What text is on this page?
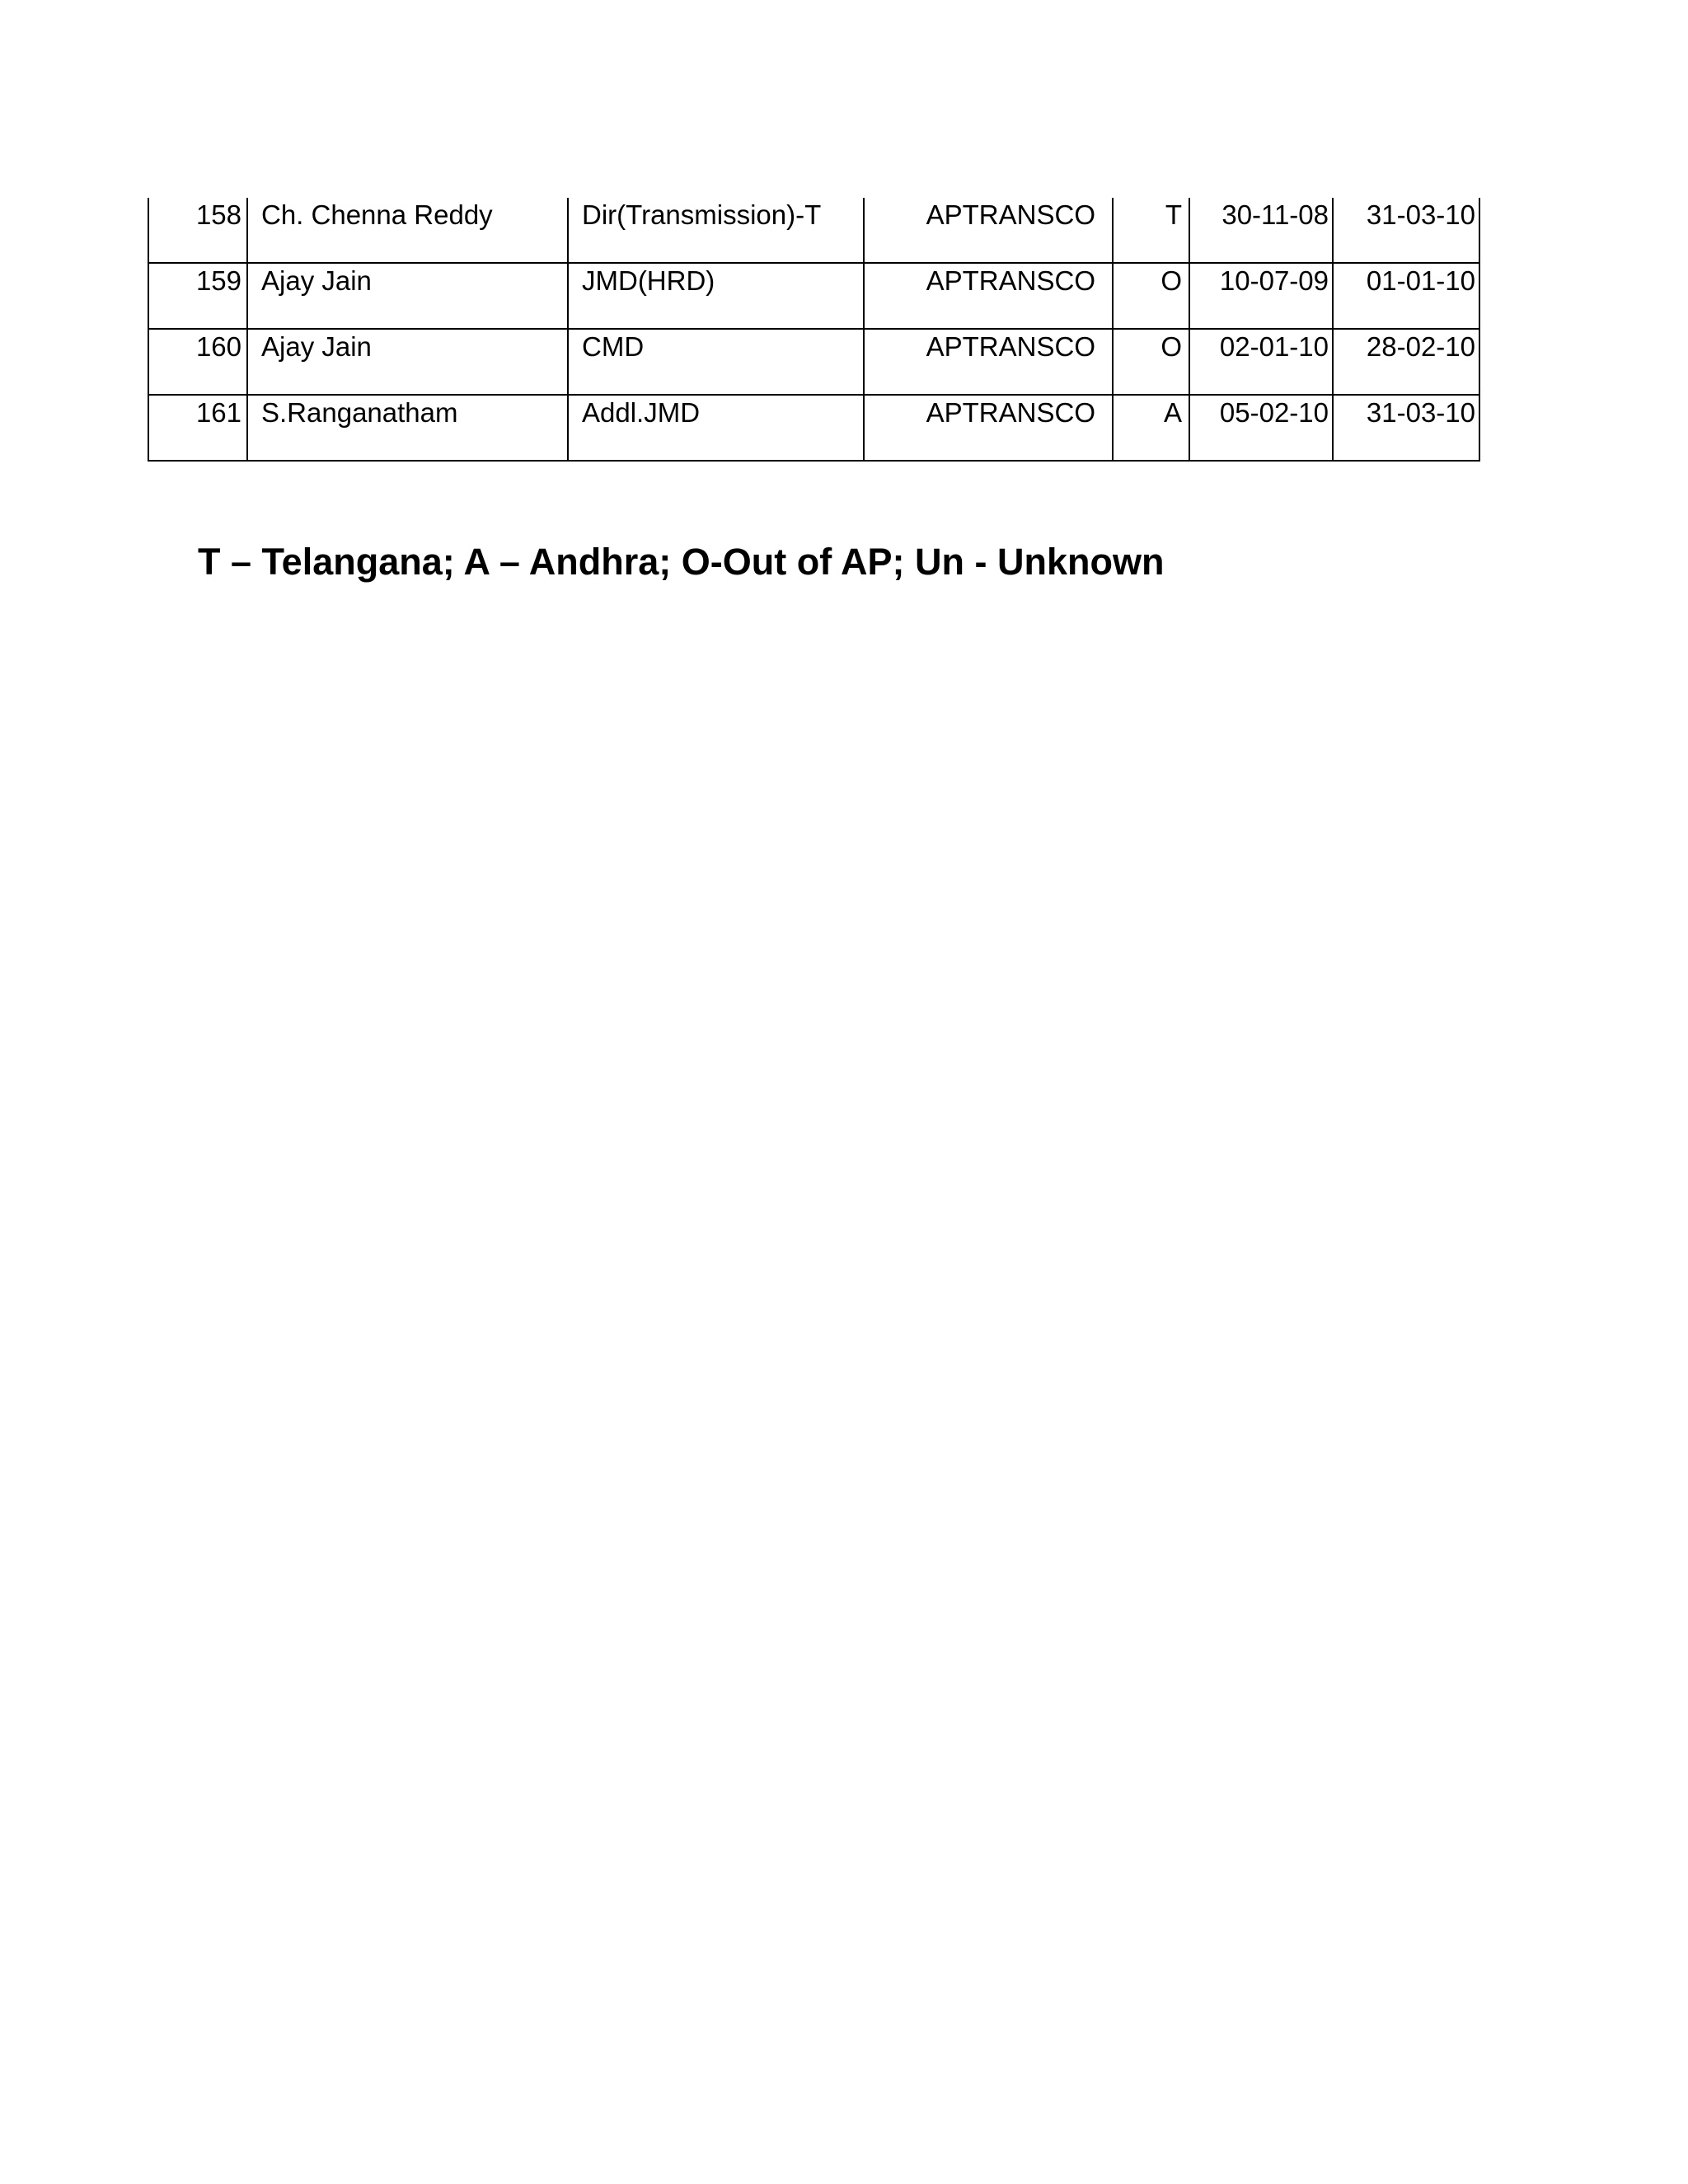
158	Ch. Chenna Reddy	Dir(Transmission)-T	APTRANSCO	T	30-11-08	31-03-10

159	Ajay Jain	JMD(HRD)	APTRANSCO	O	10-07-09	01-01-10

160	Ajay Jain	CMD	APTRANSCO	O	02-01-10	28-02-10

161	S.Ranganatham	Addl.JMD	APTRANSCO	A	05-02-10	31-03-10
T – Telangana; A – Andhra; O-Out of AP; Un - Unknown
